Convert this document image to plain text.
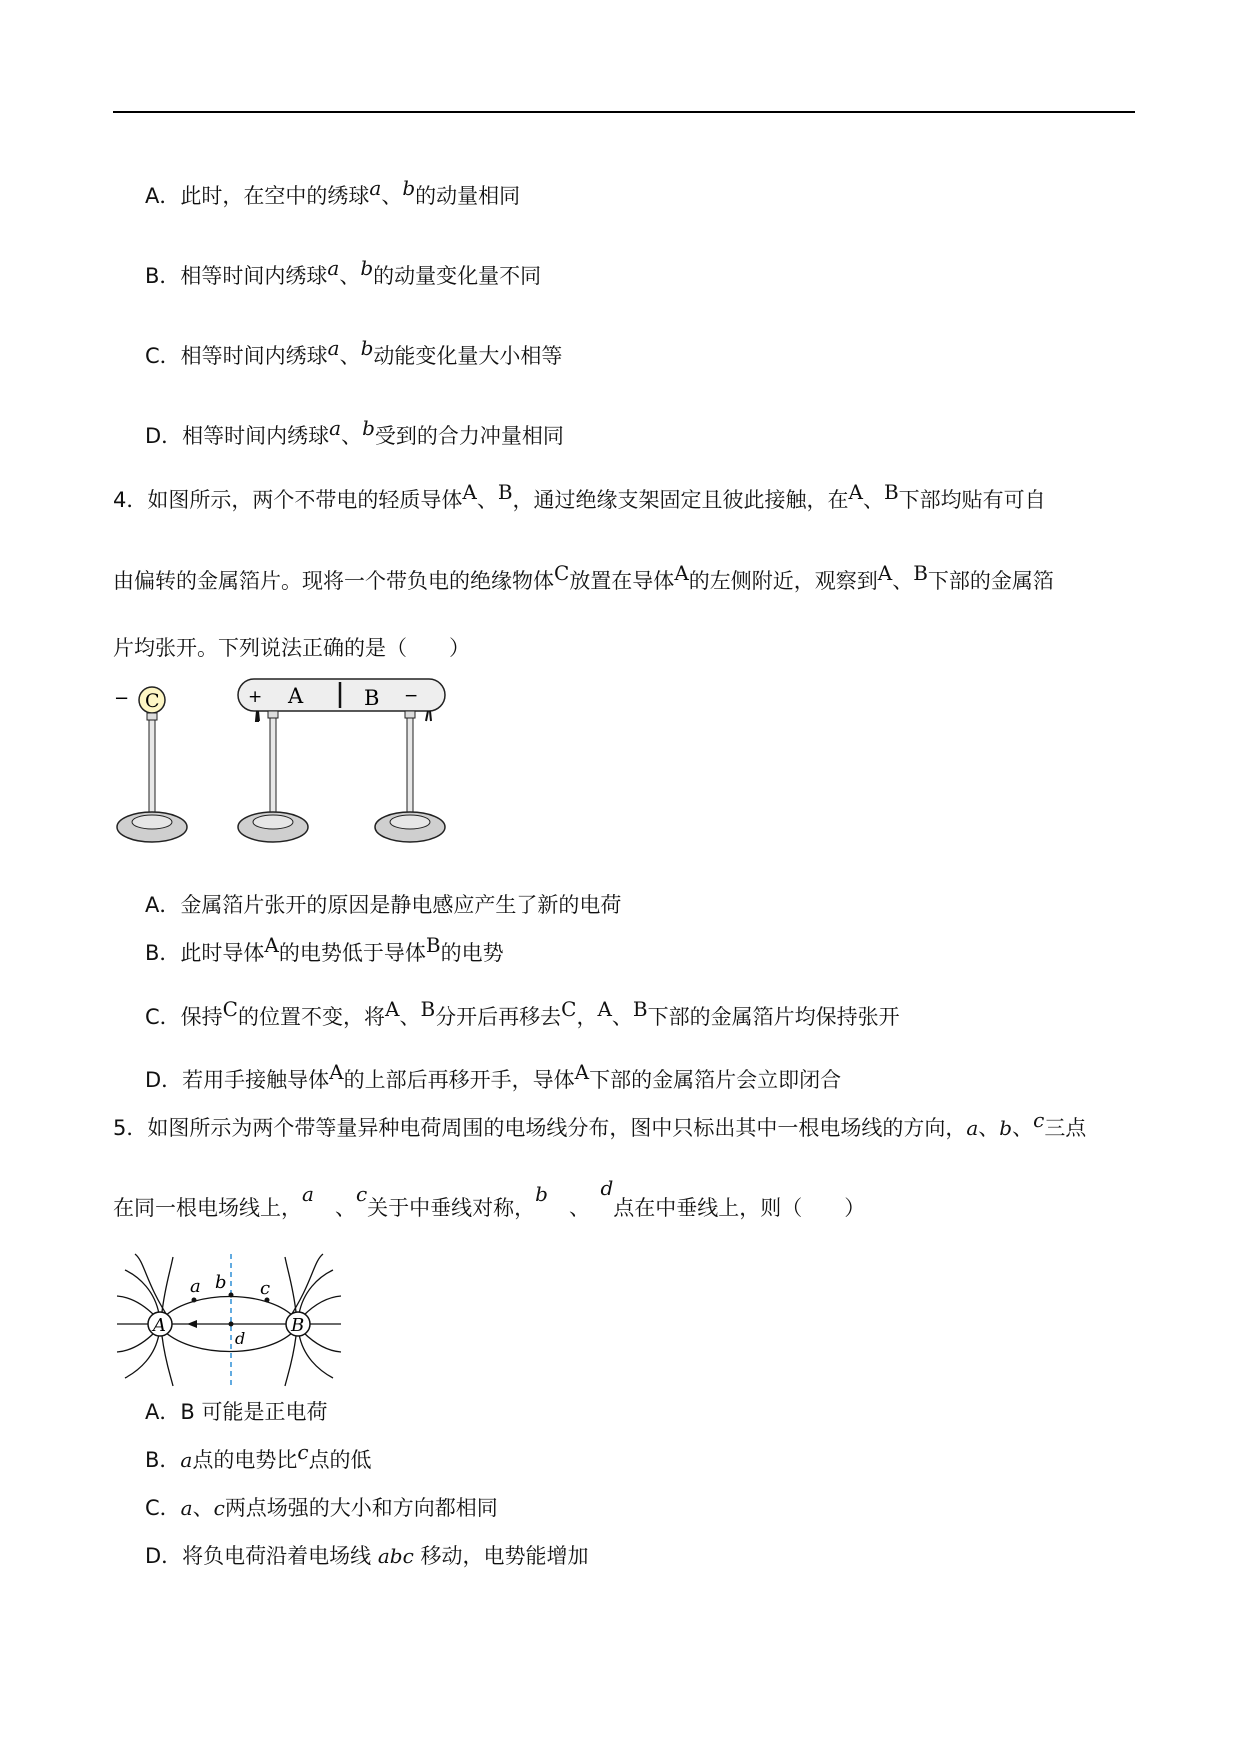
A．此时，在空中的绣球a、b的动量相同
B．相等时间内绣球a、b的动量变化量不同
C．相等时间内绣球a、b动能变化量大小相等
D．相等时间内绣球a、b受到的合力冲量相同
4．如图所示，两个不带电的轻质导体A、B，通过绝缘支架固定且彼此接触，在A、B下部均贴有可自
由偏转的金属箔片。现将一个带负电的绝缘物体C放置在导体A的左侧附近，观察到A、B下部的金属箔
片均张开。下列说法正确的是（　　）
− C	+ A	B −
A．金属箔片张开的原因是静电感应产生了新的电荷
B．此时导体A的电势低于导体B的电势
C．保持C的位置不变，将A、B分开后再移去C，A、B下部的金属箔片均保持张开
D．若用手接触导体A的上部后再移开手，导体A下部的金属箔片会立即闭合
5．如图所示为两个带等量异种电荷周围的电场线分布，图中只标出其中一根电场线的方向，a、b、c三点
在同一根电场线上，a　、c关于中垂线对称，b　、　d点在中垂线上，则（　　）
A	B
a b c
d
A．B 可能是正电荷
B．a点的电势比c点的低
C．a、c两点场强的大小和方向都相同
D．将负电荷沿着电场线 abc 移动，电势能增加
